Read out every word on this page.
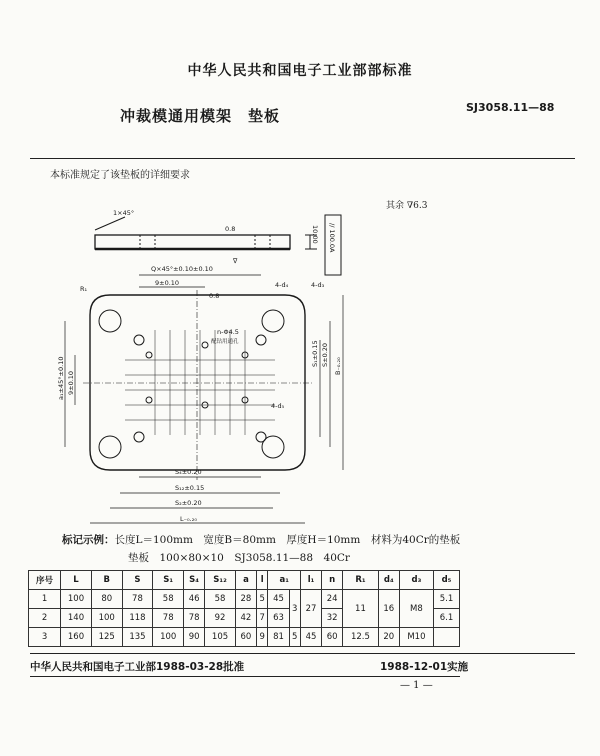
中华人民共和国电子工业部部标准
冲裁模通用模架　垫板	SJ3058.11—88
本标准规定了该垫板的详细要求
其余 ∇6.3
1×45°
0.8
∇
10.00 // 100.0A
Q×45°±0.10±0.10
9±0.10
R₁	4-d₄	4-d₃
n-Φ4.5
配钻用通孔
4-d₅
0.8
S₁±0.15 S±0.20 B₋₀.₂₀
a₁±45°±0.10 9±0.10
S₄±0.20
S₁₂±0.15
S₂±0.20
L₋₀.₂₀
标记示例：长度L＝100mm　宽度B＝80mm　厚度H＝10mm　材料为40Cr的垫板
垫板　100×80×10　SJ3058.11—88　40Cr
序号	L	B	S	S₁	S₄	S₁₂	a	l	a₁		l₁	n	R₁	d₄	d₃	d₅
1	100	80	78	58	46	58	28	5	45	3	27	24	11	16	M8	5.1
2	140	100	118	78	78	92	42	7	63			32				6.1
3	160	125	135	100	90	105	60	9	81	5	45	60	12.5	20	M10	
中华人民共和国电子工业部1988-03-28批准	1988-12-01实施
— 1 —
